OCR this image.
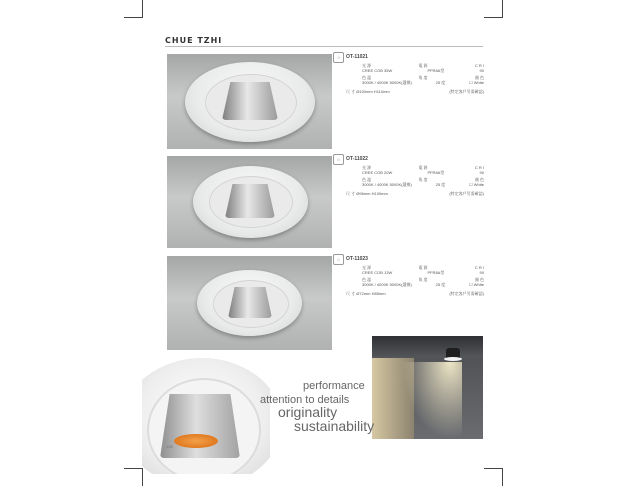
CHUE TZHI
☆	OT-11021
光 源	電 源	C R I
CREE COB 35W	PFR8A型	90
色 溫	角 度	顏 色
3000K / 4000K 5000K(選擇)	25 度	☐ White
尺 寸 Ø100mm H110mm	(特定客戶另需確認)
☆	OT-11022
光 源	電 源	C R I
CREE COB 20W	PFR8A型	90
色 溫	角 度	顏 色
3000K / 4000K 5000K(選擇)	25 度	☐ White
尺 寸 Ø96mm H100mm	(特定客戶另需確認)
☆	OT-11023
光 源	電 源	C R I
CREE COB 13W	PFR8A型	90
色 溫	角 度	顏 色
3000K / 4000K 5000K(選擇)	25 度	☐ White
尺 寸 Ø72mm H85mm	(特定客戶另需確認)
13E
performance
attention to details
originality
sustainability
